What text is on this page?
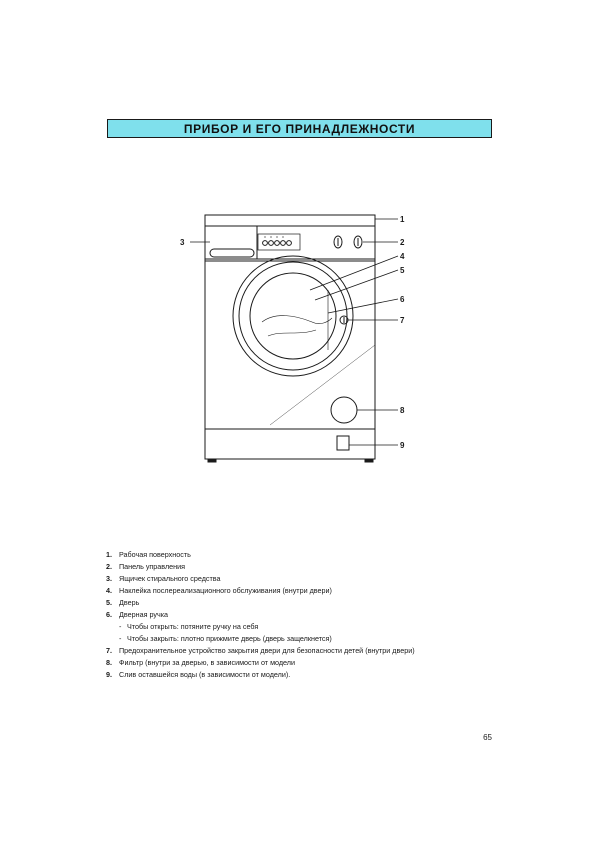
ПРИБОР И ЕГО ПРИНАДЛЕЖНОСТИ
1
2
3
4
5
6
7
8
9
1. Рабочая поверхность
2. Панель управления
3. Ящичек стирального средства
4. Наклейка послереализационного обслуживания (внутри двери)
5. Дверь
6. Дверная ручка
- Чтобы открыть: потяните ручку на себя
- Чтобы закрыть: плотно прижмите дверь (дверь защелкнется)
7. Предохранительное устройство закрытия двери для безопасности детей (внутри двери)
8. Фильтр (внутри за дверью, в зависимости от модели
9. Слив оставшейся воды (в зависимости от модели).
65
